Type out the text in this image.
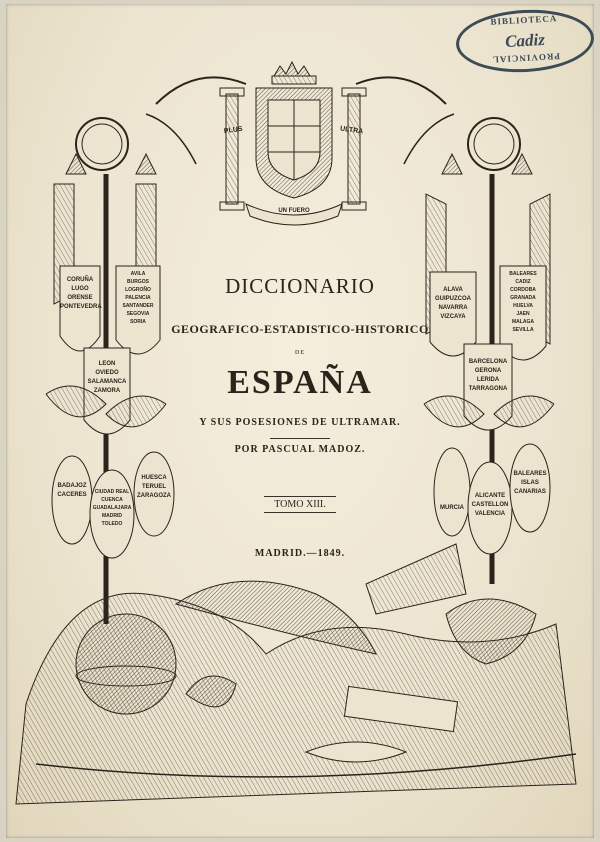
BIBLIOTECA
Cadiz
PROVINCIAL
PLUS	ULTRA
UN FUERO
CORUÑA
LUGO
ORENSE
PONTEVEDRA
AVILA
BURGOS
LOGROÑO
PALENCIA
SANTANDER
SEGOVIA
SORIA
LEON
OVIEDO
SALAMANCA
ZAMORA
BADAJOZ
CACERES	CIUDAD REAL
CUENCA
GUADALAJARA
MADRID
TOLEDO
HUESCA
TERUEL
ZARAGOZA
ALAVA
GUIPUZCOA
NAVARRA
VIZCAYA
BALEARES
CADIZ
CORDOBA
GRANADA
HUELVA
JAEN
MALAGA
SEVILLA
BARCELONA
GERONA
LERIDA
TARRAGONA
MURCIA
ALICANTE
CASTELLON
VALENCIA
BALEARES
ISLAS
CANARIAS
DICCIONARIO
GEOGRAFICO-ESTADISTICO-HISTORICO
DE
ESPAÑA
Y SUS POSESIONES DE ULTRAMAR.
POR PASCUAL MADOZ.
TOMO XIII.
MADRID.—1849.
